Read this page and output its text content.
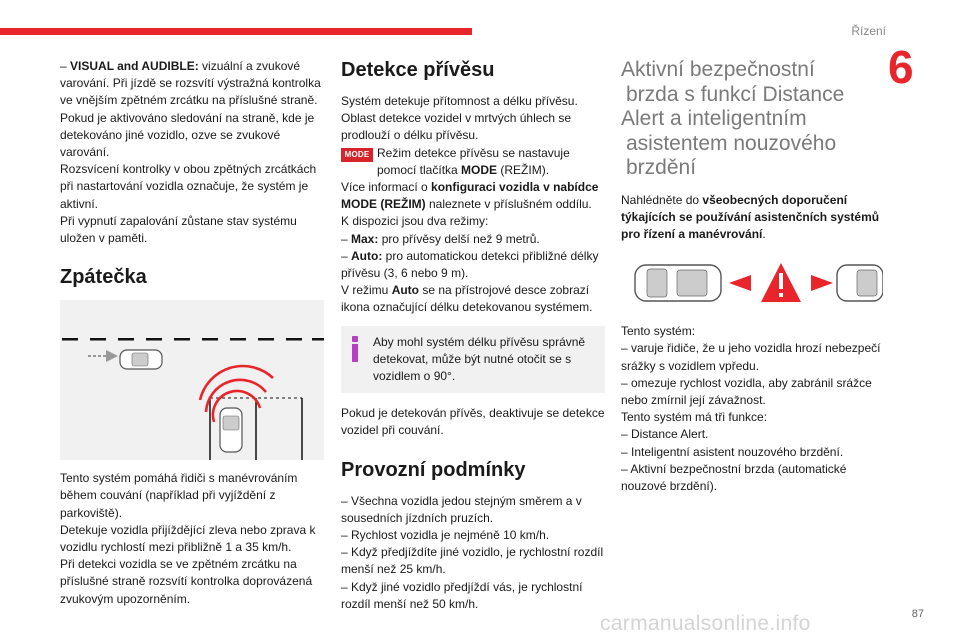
Řízení
6

– VISUAL and AUDIBLE: vizuální a zvukové varování. Při jízdě se rozsvítí výstražná kontrolka ve vnějším zpětném zrcátku na příslušné straně. Pokud je aktivováno sledování na straně, kde je detekováno jiné vozidlo, ozve se zvukové varování.

Rozsvícení kontrolky v obou zpětných zrcátkách při nastartování vozidla označuje, že systém je aktivní.

Při vypnutí zapalování zůstane stav systému uložen v paměti.

Zpátečka

Tento systém pomáhá řidiči s manévrováním během couvání (například při vyjíždění z parkoviště).

Detekuje vozidla přijíždějící zleva nebo zprava k vozidlu rychlostí mezi přibližně 1 a 35 km/h.

Při detekci vozidla se ve zpětném zrcátku na příslušné straně rozsvítí kontrolka doprovázená zvukovým upozorněním.

Detekce přívěsu

Systém detekuje přítomnost a délku přívěsu. Oblast detekce vozidel v mrtvých úhlech se prodlouží o délku přívěsu.

MODE Režim detekce přívěsu se nastavuje pomocí tlačítka MODE (REŽIM).

Více informací o konfiguraci vozidla v nabídce MODE (REŽIM) naleznete v příslušném oddílu.

K dispozici jsou dva režimy:

– Max: pro přívěsy delší než 9 metrů.

– Auto: pro automatickou detekci přibližné délky přívěsu (3, 6 nebo 9 m).

V režimu Auto se na přístrojové desce zobrazí ikona označující délku detekovanou systémem.

Aby mohl systém délku přívěsu správně detekovat, může být nutné otočit se s vozidlem o 90°.

Pokud je detekován přívěs, deaktivuje se detekce vozidel při couvání.

Provozní podmínky

– Všechna vozidla jedou stejným směrem a v sousedních jízdních pruzích.

– Rychlost vozidla je nejméně 10 km/h.

– Když předjíždíte jiné vozidlo, je rychlostní rozdíl menší než 25 km/h.

– Když jiné vozidlo předjíždí vás, je rychlostní rozdíl menší než 50 km/h.

Aktivní bezpečnostní
brzda s funkcí Distance
Alert a inteligentním

asistentem nouzového
brzdění

Nahlédněte do všeobecných doporučení týkajících se používání asistenčních systémů pro řízení a manévrování.

Tento systém:

– varuje řidiče, že u jeho vozidla hrozí nebezpečí srážky s vozidlem vpředu.

– omezuje rychlost vozidla, aby zabránil srážce nebo zmírnil její závažnost.

Tento systém má tři funkce:

– Distance Alert.

– Inteligentní asistent nouzového brzdění.

– Aktivní bezpečnostní brzda (automatické nouzové brzdění).

carmanualsonline.info	87
